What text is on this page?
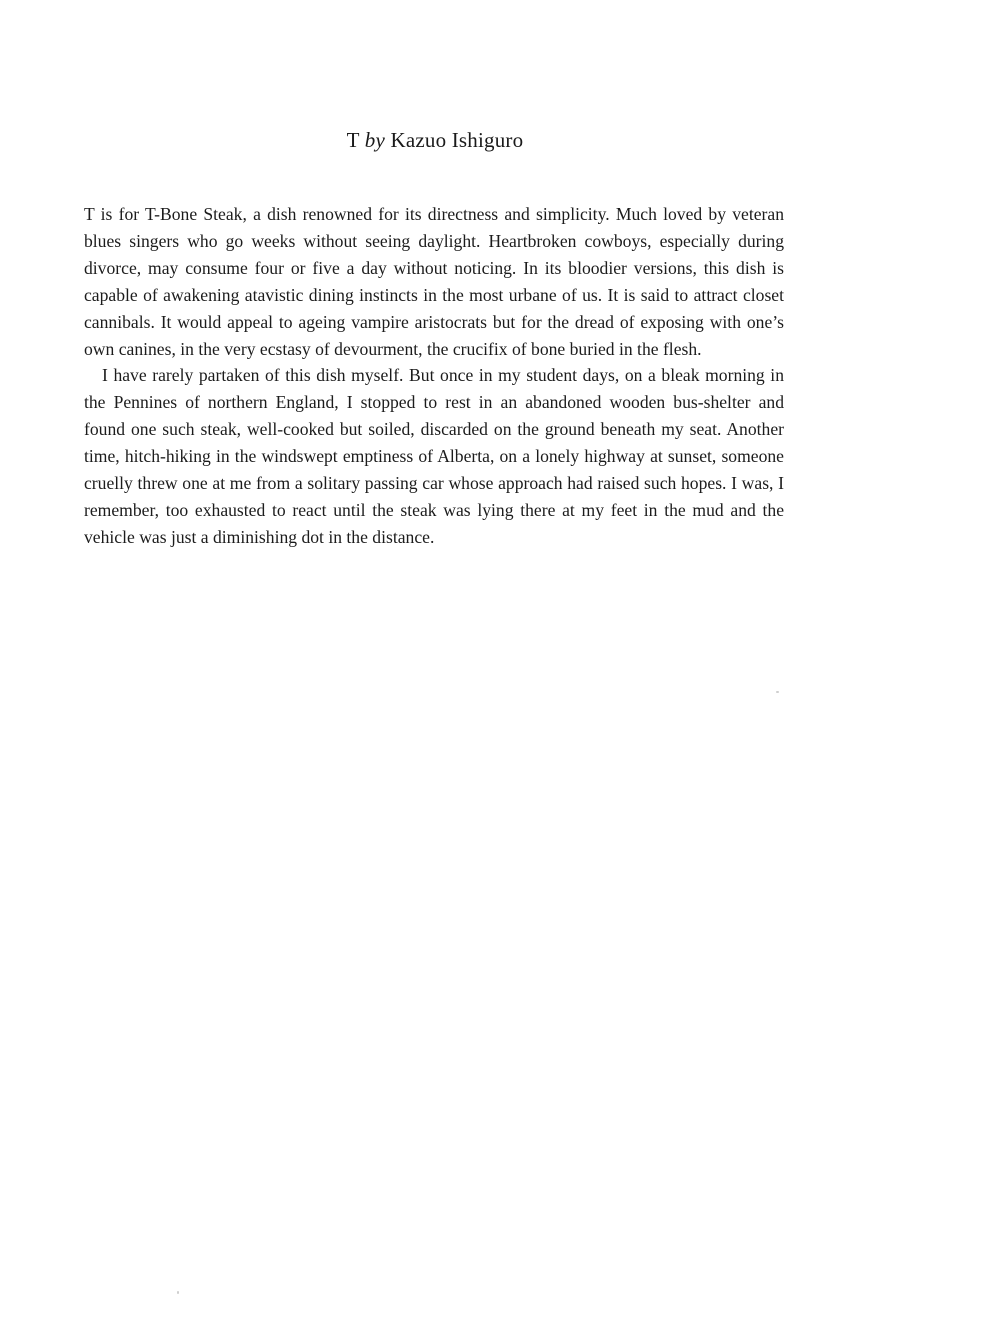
T by Kazuo Ishiguro

T is for T-Bone Steak, a dish renowned for its directness and simplicity. Much loved by veteran
blues singers who go weeks without seeing daylight. Heartbroken cowboys, especially during
divorce, may consume four or five a day without noticing. In its bloodier versions, this dish is
capable of awakening atavistic dining instincts in the most urbane of us. It is said to attract closet
cannibals. It would appeal to ageing vampire aristocrats but for the dread of exposing with one’s
own canines, in the very ecstasy of devourment, the crucifix of bone buried in the flesh.

I have rarely partaken of this dish myself. But once in my student days, on a bleak morning in
the Pennines of northern England, I stopped to rest in an abandoned wooden bus-shelter and
found one such steak, well-cooked but soiled, discarded on the ground beneath my seat. Another
time, hitch-hiking in the windswept emptiness of Alberta, on a lonely highway at sunset, someone
cruelly threw one at me from a solitary passing car whose approach had raised such hopes. I was, I
remember, too exhausted to react until the steak was lying there at my feet in the mud and the
vehicle was just a diminishing dot in the distance.
